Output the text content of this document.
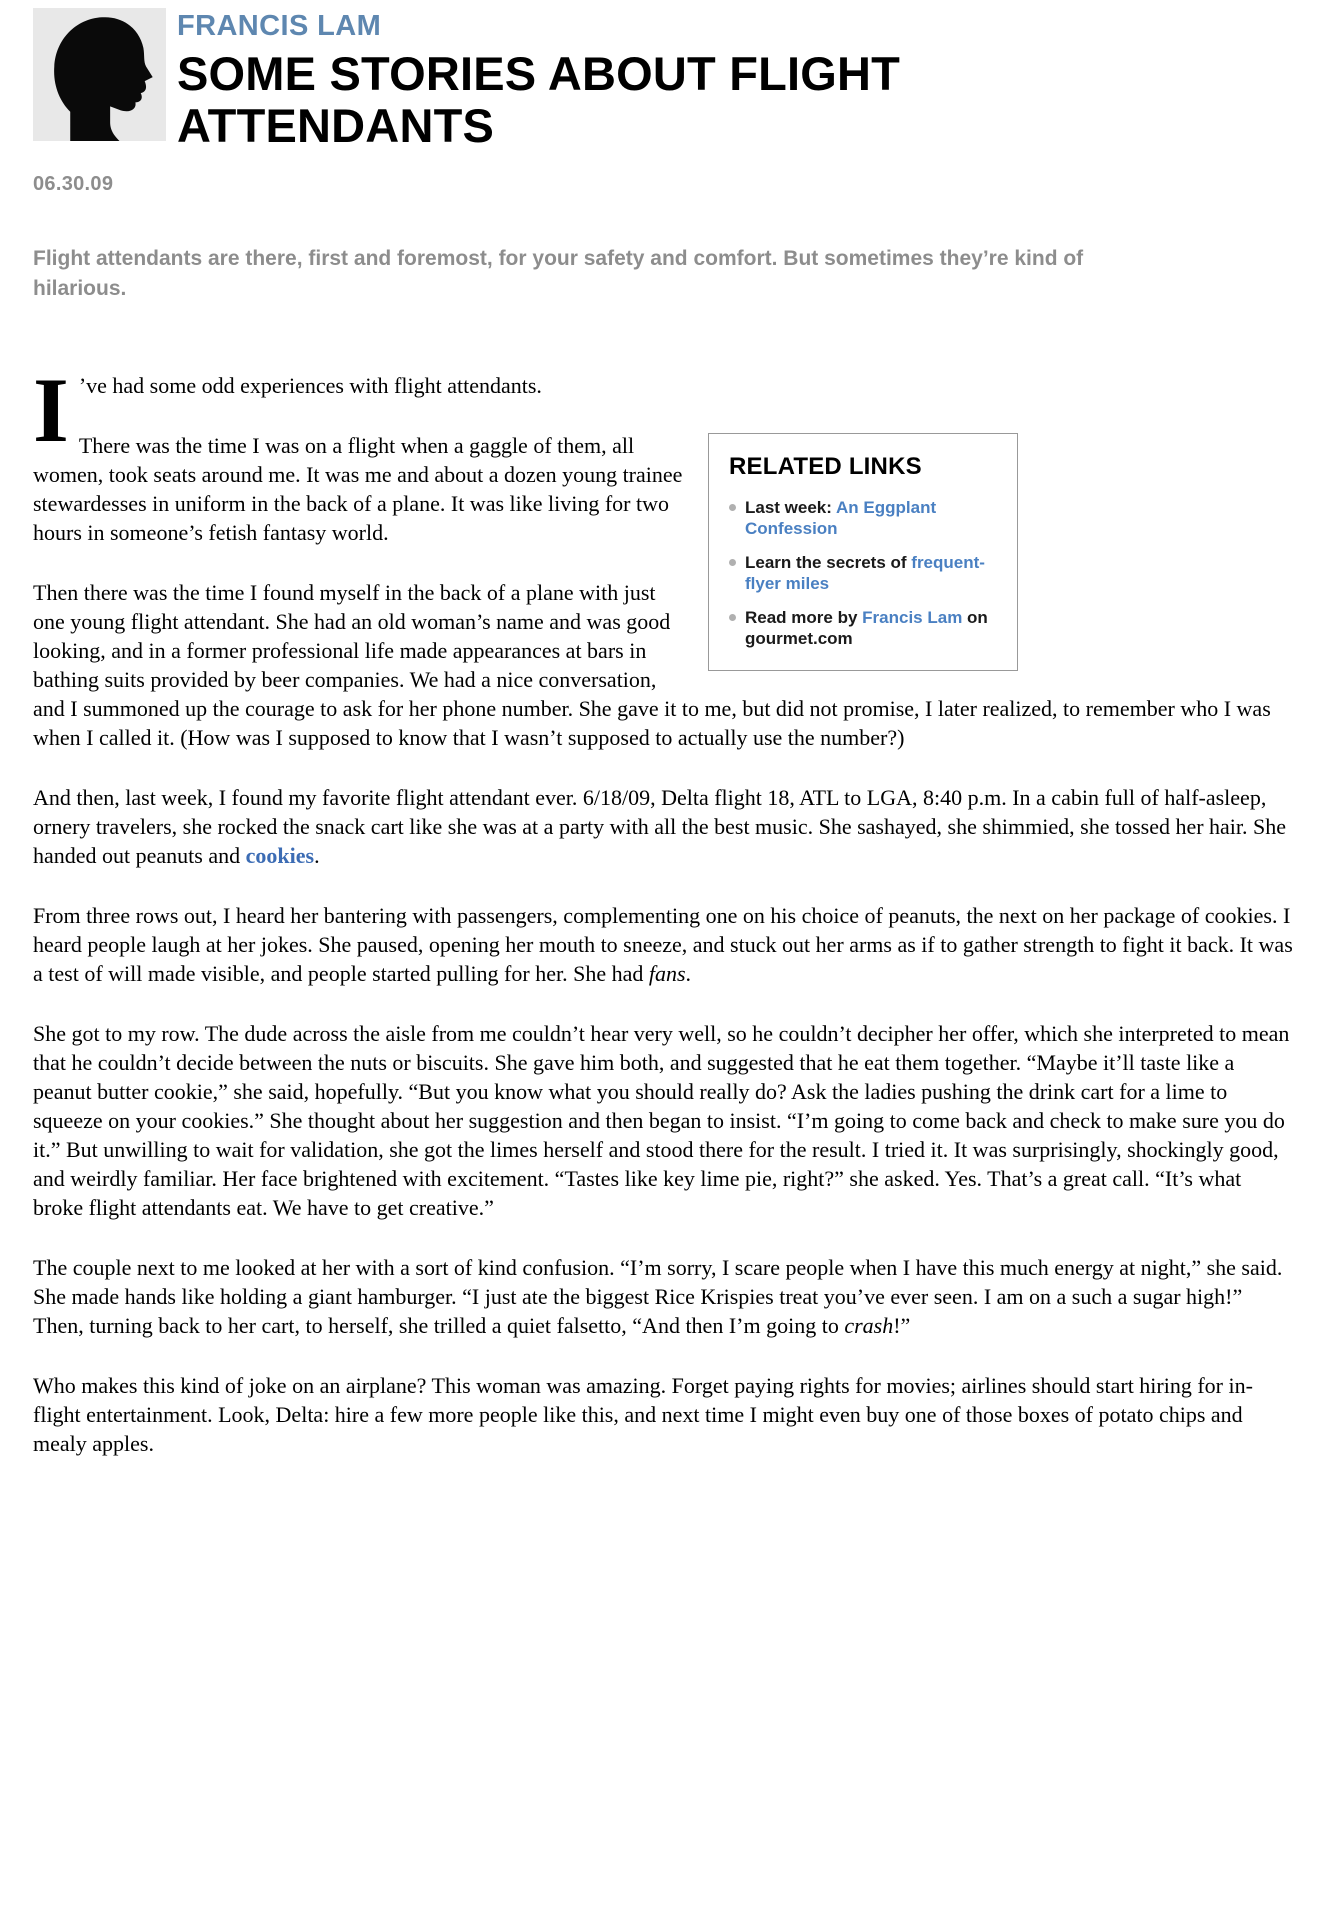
FRANCIS LAM
SOME STORIES ABOUT FLIGHT ATTENDANTS
06.30.09
Flight attendants are there, first and foremost, for your safety and comfort. But sometimes they’re kind of hilarious.

I ’ve had some odd experiences with flight attendants.

RELATED LINKS
Last week: An Eggplant Confession
Learn the secrets of frequent-flyer miles
Read more by Francis Lam on gourmet.com

There was the time I was on a flight when a gaggle of them, all women, took seats around me. It was me and about a dozen young trainee stewardesses in uniform in the back of a plane. It was like living for two hours in someone’s fetish fantasy world.

Then there was the time I found myself in the back of a plane with just one young flight attendant. She had an old woman’s name and was good looking, and in a former professional life made appearances at bars in bathing suits provided by beer companies. We had a nice conversation, and I summoned up the courage to ask for her phone number. She gave it to me, but did not promise, I later realized, to remember who I was when I called it. (How was I supposed to know that I wasn’t supposed to actually use the number?)

And then, last week, I found my favorite flight attendant ever. 6/18/09, Delta flight 18, ATL to LGA, 8:40 p.m. In a cabin full of half-asleep, ornery travelers, she rocked the snack cart like she was at a party with all the best music. She sashayed, she shimmied, she tossed her hair. She handed out peanuts and cookies.

From three rows out, I heard her bantering with passengers, complementing one on his choice of peanuts, the next on her package of cookies. I heard people laugh at her jokes. She paused, opening her mouth to sneeze, and stuck out her arms as if to gather strength to fight it back. It was a test of will made visible, and people started pulling for her. She had fans.

She got to my row. The dude across the aisle from me couldn’t hear very well, so he couldn’t decipher her offer, which she interpreted to mean that he couldn’t decide between the nuts or biscuits. She gave him both, and suggested that he eat them together. “Maybe it’ll taste like a peanut butter cookie,” she said, hopefully. “But you know what you should really do? Ask the ladies pushing the drink cart for a lime to squeeze on your cookies.” She thought about her suggestion and then began to insist. “I’m going to come back and check to make sure you do it.” But unwilling to wait for validation, she got the limes herself and stood there for the result. I tried it. It was surprisingly, shockingly good, and weirdly familiar. Her face brightened with excitement. “Tastes like key lime pie, right?” she asked. Yes. That’s a great call. “It’s what broke flight attendants eat. We have to get creative.”

The couple next to me looked at her with a sort of kind confusion. “I’m sorry, I scare people when I have this much energy at night,” she said. She made hands like holding a giant hamburger. “I just ate the biggest Rice Krispies treat you’ve ever seen. I am on a such a sugar high!” Then, turning back to her cart, to herself, she trilled a quiet falsetto, “And then I’m going to crash!”

Who makes this kind of joke on an airplane? This woman was amazing. Forget paying rights for movies; airlines should start hiring for in-flight entertainment. Look, Delta: hire a few more people like this, and next time I might even buy one of those boxes of potato chips and mealy apples.
